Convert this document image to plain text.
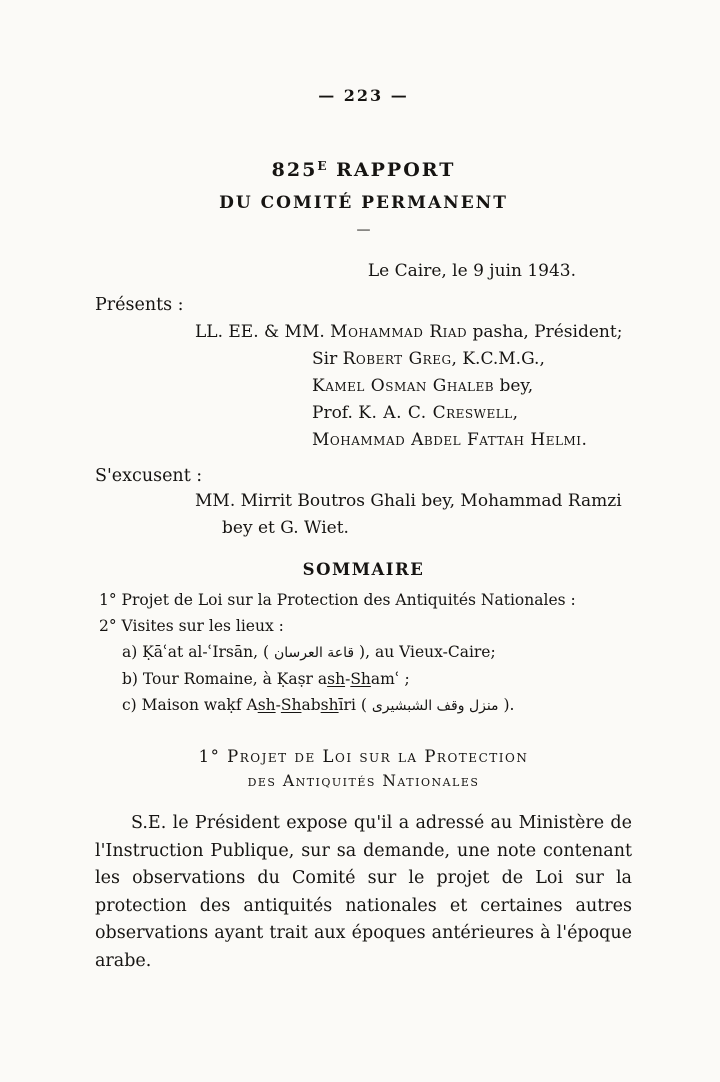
— 223 —
$825^E$ RAPPORT
DU COMITÉ PERMANENT
—
Le Caire, le 9 juin 1943.
Présents :
LL. EE. & MM. Mohammad Riad pasha, Président;
Sir Robert Greg, K.C.M.G.,
Kamel Osman Ghaleb bey,
Prof. K. A. C. Creswell,
Mohammad Abdel Fattah Helmi.
S'excusent :
MM. Mirrit Boutros Ghali bey, Mohammad Ramzi
bey et G. Wiet.
SOMMAIRE
1° Projet de Loi sur la Protection des Antiquités Nationales :
2° Visites sur les lieux :
a) Ḳāʿat al-ʿIrsān, ( قاعة العرسان ), au Vieux-Caire;
b) Tour Romaine, à Ḳaṣr ash-Shamʿ ;
c) Maison waḳf Ash-Shabshīri ( منزل وقف الشبشيرى ).
1° Projet de Loi sur la Protection
des Antiquités Nationales
S.E. le Président expose qu'il a adressé au Ministère de l'Instruction Publique, sur sa demande, une note contenant les observations du Comité sur le projet de Loi sur la protection des antiquités nationales et certaines autres observations ayant trait aux époques antérieures à l'époque arabe.
